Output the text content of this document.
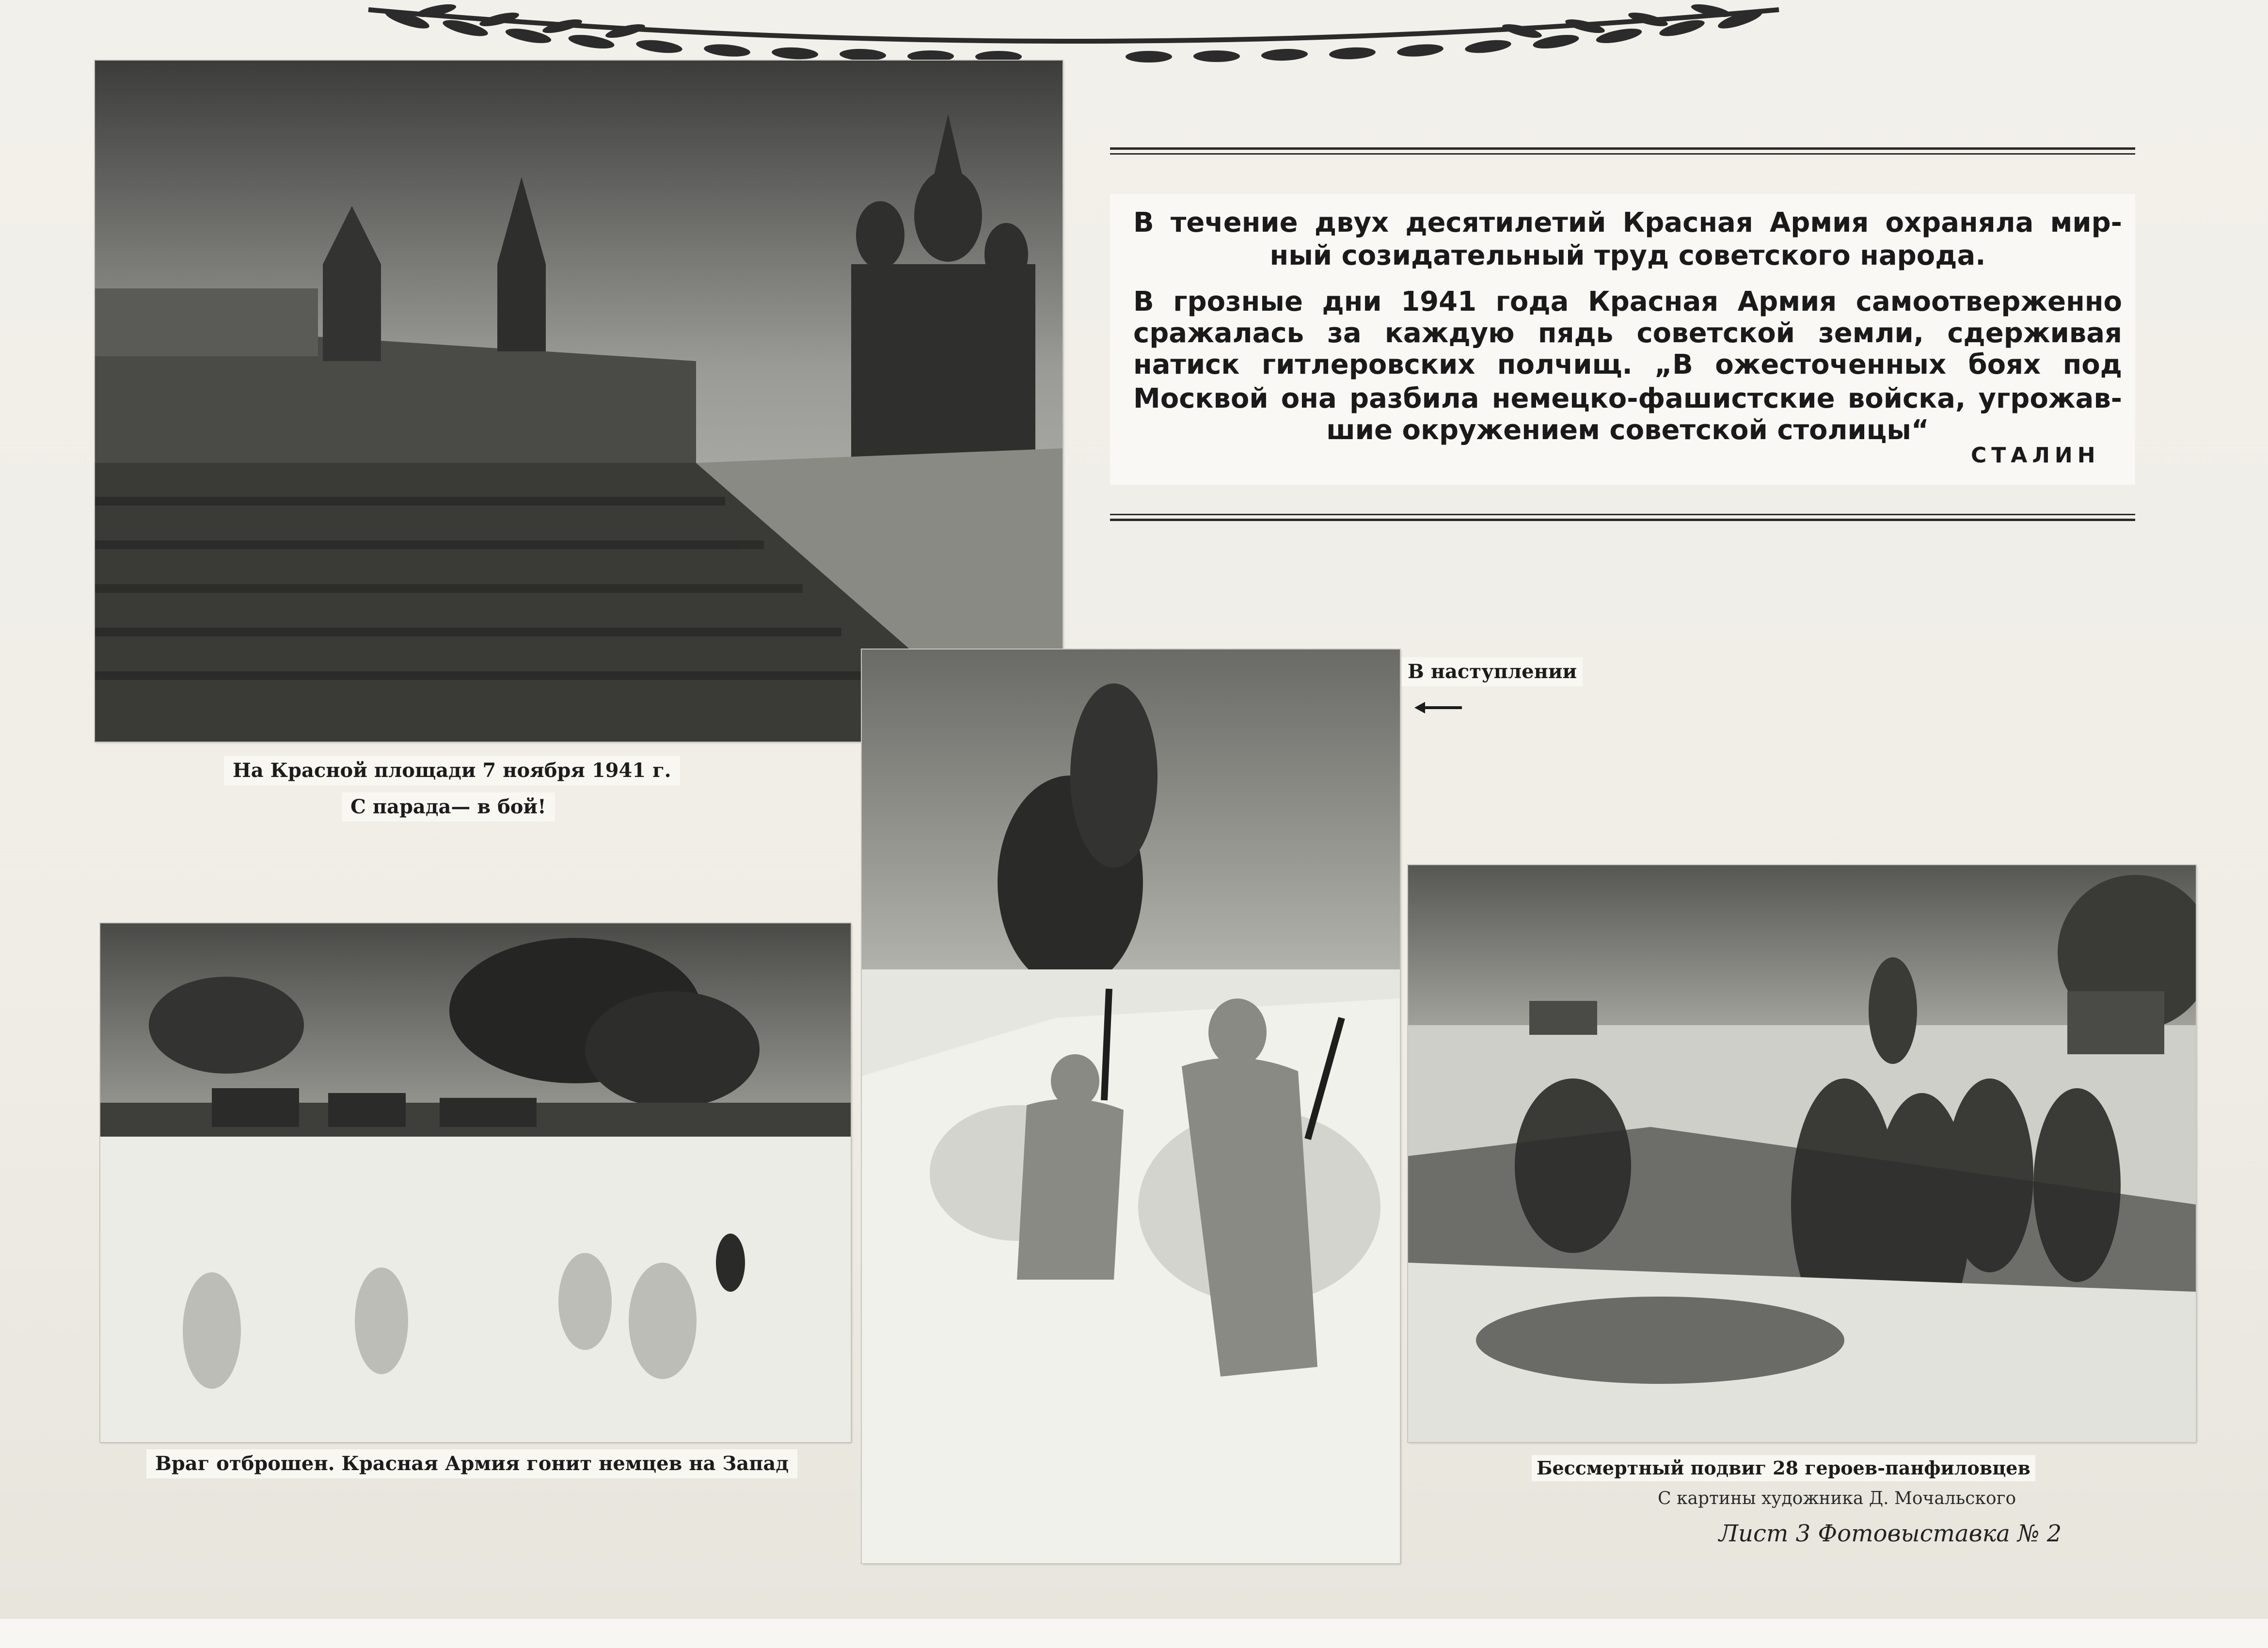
На Красной площади 7 ноября 1941 г.
С парада— в бой!
В течение двух десятилетий Красная Армия охраняла мир-
ный созидательный труд советского народа.
В грозные дни 1941 года Красная Армия самоотверженно
сражалась за каждую пядь советской земли, сдерживая
натиск гитлеровских полчищ. „В ожесточенных боях под
Москвой она разбила немецко-фашистские войска, угрожав-
шие окружением советской столицы“
СТАЛИН
В наступлении
Враг отброшен. Красная Армия гонит немцев на Запад	Бессмертный подвиг 28 героев-панфиловцев
С картины художника Д. Мочальского
Лист 3 Фотовыставка № 2
